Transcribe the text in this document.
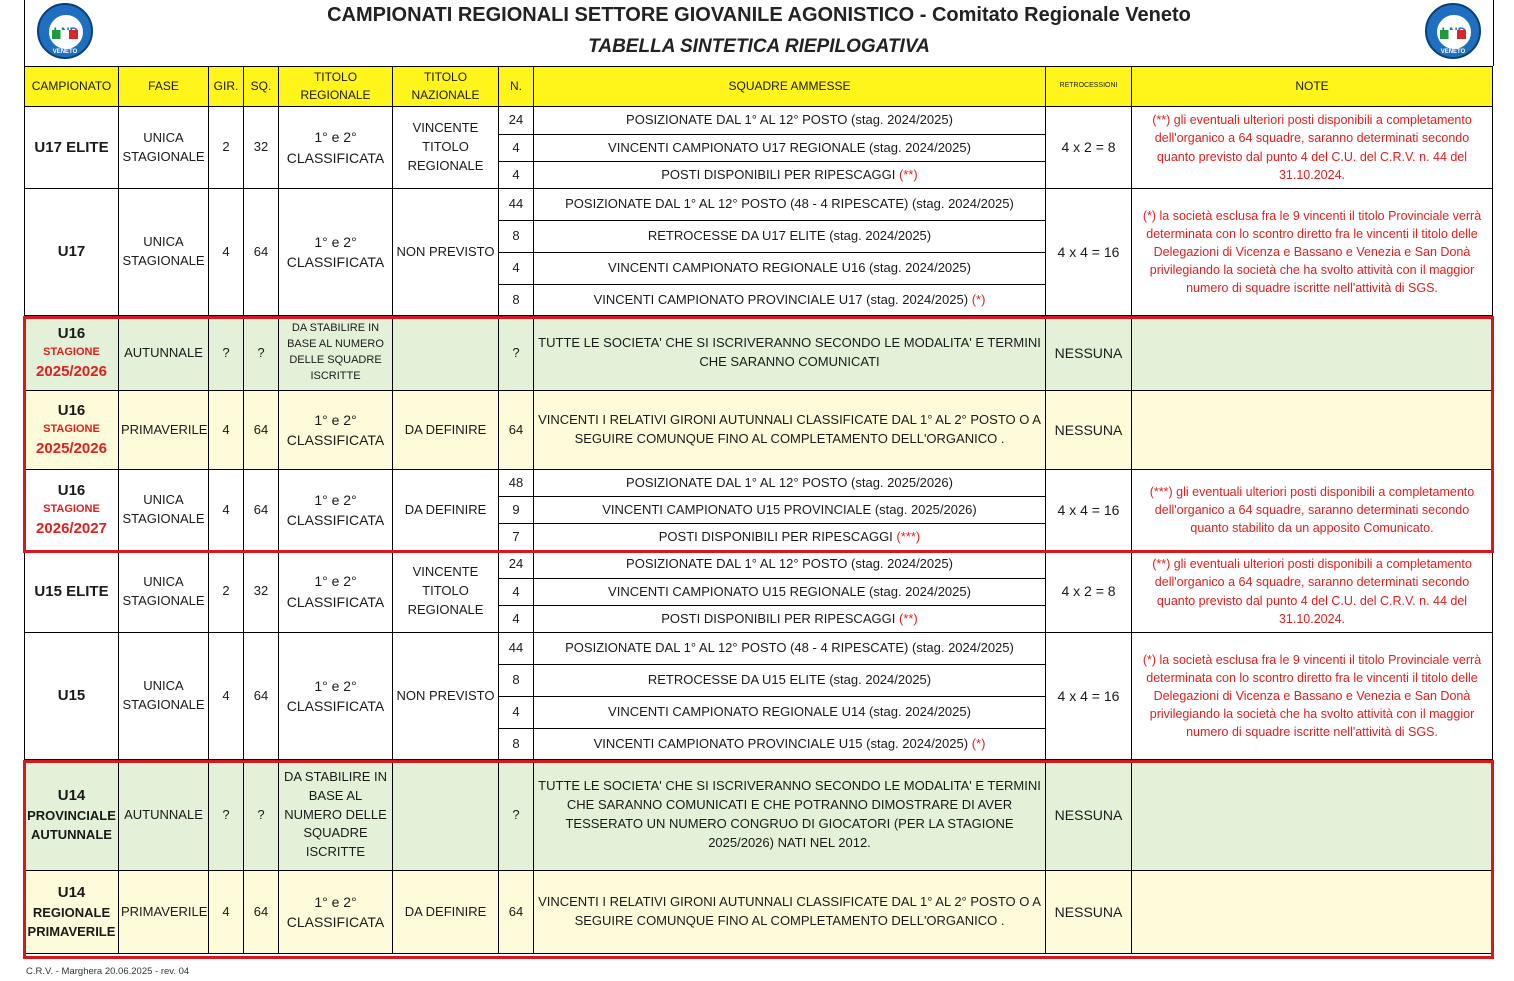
VENETO
CAMPIONATI REGIONALI SETTORE GIOVANILE AGONISTICO - Comitato Regionale Veneto
TABELLA SINTETICA RIEPILOGATIVA	VENETO
CAMPIONATO	FASE	GIR.	SQ.	TITOLO REGIONALE	TITOLO NAZIONALE	N.	SQUADRE AMMESSE	RETROCESSIONI	NOTE
U17 ELITE	UNICA STAGIONALE	2	32	1° e 2° CLASSIFICATA	VINCENTE TITOLO REGIONALE	24	POSIZIONATE DAL 1° AL 12° POSTO (stag. 2024/2025)	4 x 2 = 8	(**) gli eventuali ulteriori posti disponibili a completamento dell'organico a 64 squadre, saranno determinati secondo quanto previsto dal punto 4 del C.U. del C.R.V. n. 44 del 31.10.2024.
						4	VINCENTI CAMPIONATO U17 REGIONALE (stag. 2024/2025)		
						4	POSTI DISPONIBILI PER RIPESCAGGI (**)		
U17	UNICA STAGIONALE	4	64	1° e 2° CLASSIFICATA	NON PREVISTO	44	POSIZIONATE DAL 1° AL 12° POSTO (48 - 4 RIPESCATE) (stag. 2024/2025)	4 x 4 = 16	(*) la società esclusa fra le 9 vincenti il titolo Provinciale verrà determinata con lo scontro diretto fra le vincenti il titolo delle Delegazioni di Vicenza e Bassano e Venezia e San Donà privilegiando la società che ha svolto attività con il maggior numero di squadre iscritte nell'attività di SGS.
						8	RETROCESSE DA U17 ELITE (stag. 2024/2025)		
						4	VINCENTI CAMPIONATO REGIONALE U16 (stag. 2024/2025)		
						8	VINCENTI CAMPIONATO PROVINCIALE U17 (stag. 2024/2025) (*)		
U16
STAGIONE
2025/2026	AUTUNNALE	?	?	DA STABILIRE IN BASE AL NUMERO DELLE SQUADRE ISCRITTE		?	TUTTE LE SOCIETA' CHE SI ISCRIVERANNO SECONDO LE MODALITA' E TERMINI CHE SARANNO COMUNICATI	NESSUNA	
U16
STAGIONE
2025/2026	PRIMAVERILE	4	64	1° e 2° CLASSIFICATA	DA DEFINIRE	64	VINCENTI I RELATIVI GIRONI AUTUNNALI CLASSIFICATE DAL 1° AL 2° POSTO O A SEGUIRE COMUNQUE FINO AL COMPLETAMENTO DELL'ORGANICO .	NESSUNA	
U16
STAGIONE
2026/2027	UNICA STAGIONALE	4	64	1° e 2° CLASSIFICATA	DA DEFINIRE	48	POSIZIONATE DAL 1° AL 12° POSTO (stag. 2025/2026)	4 x 4 = 16	(***) gli eventuali ulteriori posti disponibili a completamento dell'organico a 64 squadre, saranno determinati secondo quanto stabilito da un apposito Comunicato.
						9	VINCENTI CAMPIONATO U15 PROVINCIALE (stag. 2025/2026)		
						7	POSTI DISPONIBILI PER RIPESCAGGI (***)		
U15 ELITE	UNICA STAGIONALE	2	32	1° e 2° CLASSIFICATA	VINCENTE TITOLO REGIONALE	24	POSIZIONATE DAL 1° AL 12° POSTO (stag. 2024/2025)	4 x 2 = 8	(**) gli eventuali ulteriori posti disponibili a completamento dell'organico a 64 squadre, saranno determinati secondo quanto previsto dal punto 4 del C.U. del C.R.V. n. 44 del 31.10.2024.
						4	VINCENTI CAMPIONATO U15 REGIONALE (stag. 2024/2025)		
						4	POSTI DISPONIBILI PER RIPESCAGGI (**)		
U15	UNICA STAGIONALE	4	64	1° e 2° CLASSIFICATA	NON PREVISTO	44	POSIZIONATE DAL 1° AL 12° POSTO (48 - 4 RIPESCATE) (stag. 2024/2025)	4 x 4 = 16	(*) la società esclusa fra le 9 vincenti il titolo Provinciale verrà determinata con lo scontro diretto fra le vincenti il titolo delle Delegazioni di Vicenza e Bassano e Venezia e San Donà privilegiando la società che ha svolto attività con il maggior numero di squadre iscritte nell'attività di SGS.
						8	RETROCESSE DA U15 ELITE (stag. 2024/2025)		
						4	VINCENTI CAMPIONATO REGIONALE U14 (stag. 2024/2025)		
						8	VINCENTI CAMPIONATO PROVINCIALE U15 (stag. 2024/2025) (*)		
U14
PROVINCIALE AUTUNNALE	AUTUNNALE	?	?	DA STABILIRE IN BASE AL NUMERO DELLE SQUADRE ISCRITTE		?	TUTTE LE SOCIETA' CHE SI ISCRIVERANNO SECONDO LE MODALITA' E TERMINI CHE SARANNO COMUNICATI E CHE POTRANNO DIMOSTRARE DI AVER TESSERATO UN NUMERO CONGRUO DI GIOCATORI (PER LA STAGIONE 2025/2026) NATI NEL 2012.	NESSUNA	
U14
REGIONALE PRIMAVERILE	PRIMAVERILE	4	64	1° e 2° CLASSIFICATA	DA DEFINIRE	64	VINCENTI I RELATIVI GIRONI AUTUNNALI CLASSIFICATE DAL 1° AL 2° POSTO O A SEGUIRE COMUNQUE FINO AL COMPLETAMENTO DELL'ORGANICO .	NESSUNA	
C.R.V. - Marghera 20.06.2025 - rev. 04
